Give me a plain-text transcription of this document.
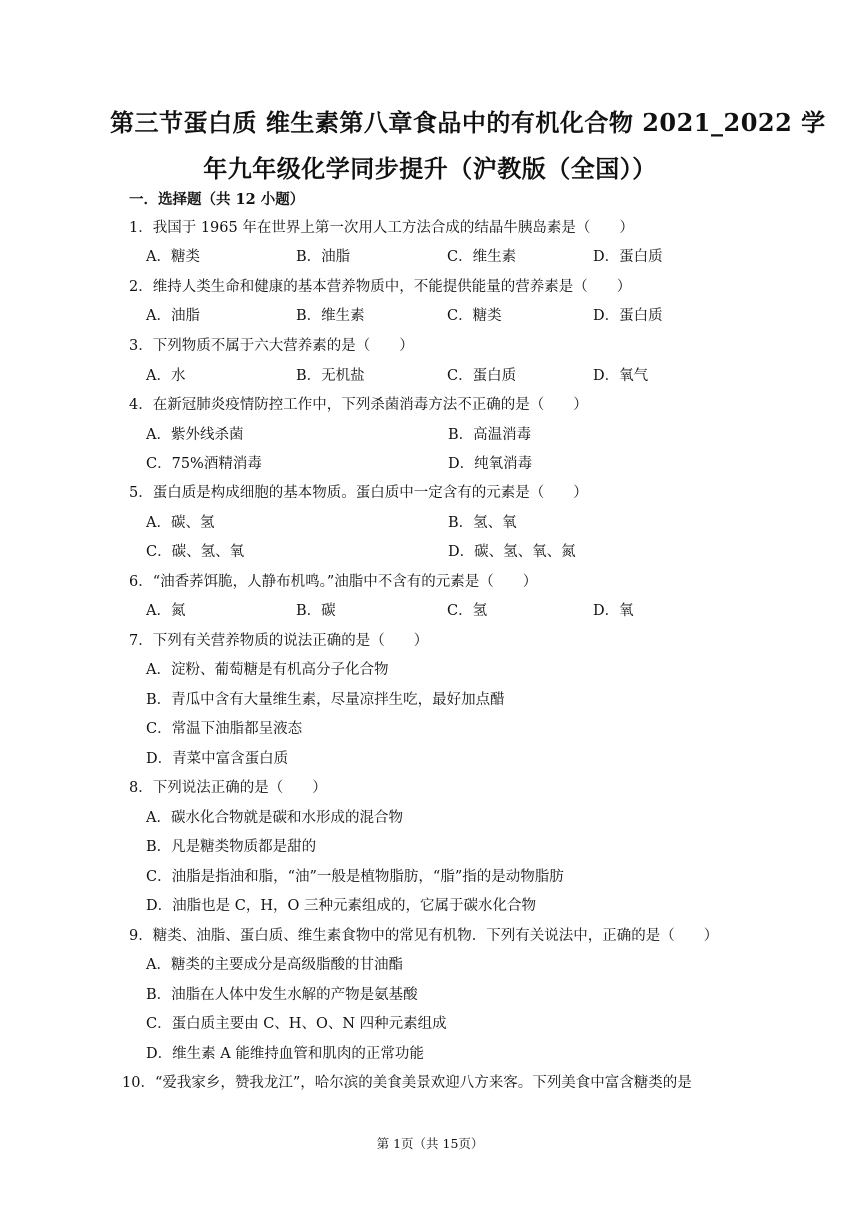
第三节蛋白质 维生素第八章食品中的有机化合物 2021_2022 学
年九年级化学同步提升（沪教版（全国））
一．选择题（共 12 小题）
1．我国于 1965 年在世界上第一次用人工方法合成的结晶牛胰岛素是（　　）
A．糖类	B．油脂	C．维生素	D．蛋白质
2．维持人类生命和健康的基本营养物质中，不能提供能量的营养素是（　　）
A．油脂	B．维生素	C．糖类	D．蛋白质
3．下列物质不属于六大营养素的是（　　）
A．水	B．无机盐	C．蛋白质	D．氧气
4．在新冠肺炎疫情防控工作中，下列杀菌消毒方法不正确的是（　　）
A．紫外线杀菌	B．高温消毒
C．75%酒精消毒	D．纯氧消毒
5．蛋白质是构成细胞的基本物质。蛋白质中一定含有的元素是（　　）
A．碳、氢	B．氢、氧
C．碳、氢、氧	D．碳、氢、氧、氮
6．“油香荞饵脆，人静布机鸣。”油脂中不含有的元素是（　　）
A．氮	B．碳	C．氢	D．氧
7．下列有关营养物质的说法正确的是（　　）
A．淀粉、葡萄糖是有机高分子化合物
B．青瓜中含有大量维生素，尽量凉拌生吃，最好加点醋
C．常温下油脂都呈液态
D．青菜中富含蛋白质
8．下列说法正确的是（　　）
A．碳水化合物就是碳和水形成的混合物
B．凡是糖类物质都是甜的
C．油脂是指油和脂，“油”一般是植物脂肪，“脂”指的是动物脂肪
D．油脂也是 C，H，O 三种元素组成的，它属于碳水化合物
9．糖类、油脂、蛋白质、维生素食物中的常见有机物．下列有关说法中，正确的是（　　）
A．糖类的主要成分是高级脂酸的甘油酯
B．油脂在人体中发生水解的产物是氨基酸
C．蛋白质主要由 C、H、O、N 四种元素组成
D．维生素 A 能维持血管和肌肉的正常功能
10．“爱我家乡，赞我龙江”，哈尔滨的美食美景欢迎八方来客。下列美食中富含糖类的是
第 1页（共 15页）
